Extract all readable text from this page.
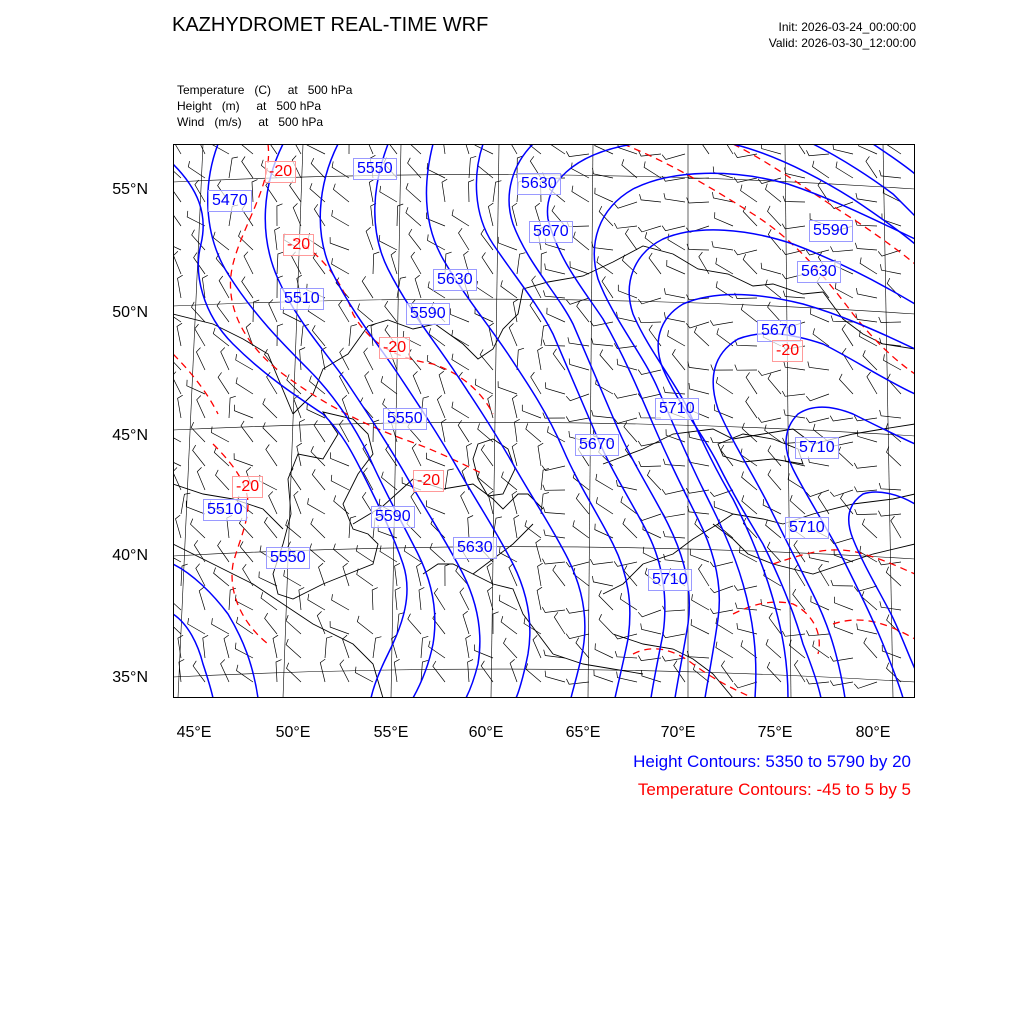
KAZHYDROMET REAL-TIME WRF	Init: 2026-03-24_00:00:00
Valid: 2026-03-30_12:00:00
Temperature   (C)     at   500 hPa
Height   (m)     at   500 hPa
Wind   (m/s)     at   500 hPa
5550
5470
5630
5670	5590
5630
5510
5590
5630
5670
5550
5710
5670	5710
5590
5510
5710
5630
5550
5710
-20
-20
-20	-20
-20
-20
55°N
50°N
45°N
40°N
35°N
45°E	50°E	55°E	60°E	65°E	70°E	75°E	80°E
Height Contours: 5350 to 5790 by 20
Temperature Contours: -45 to 5 by 5
